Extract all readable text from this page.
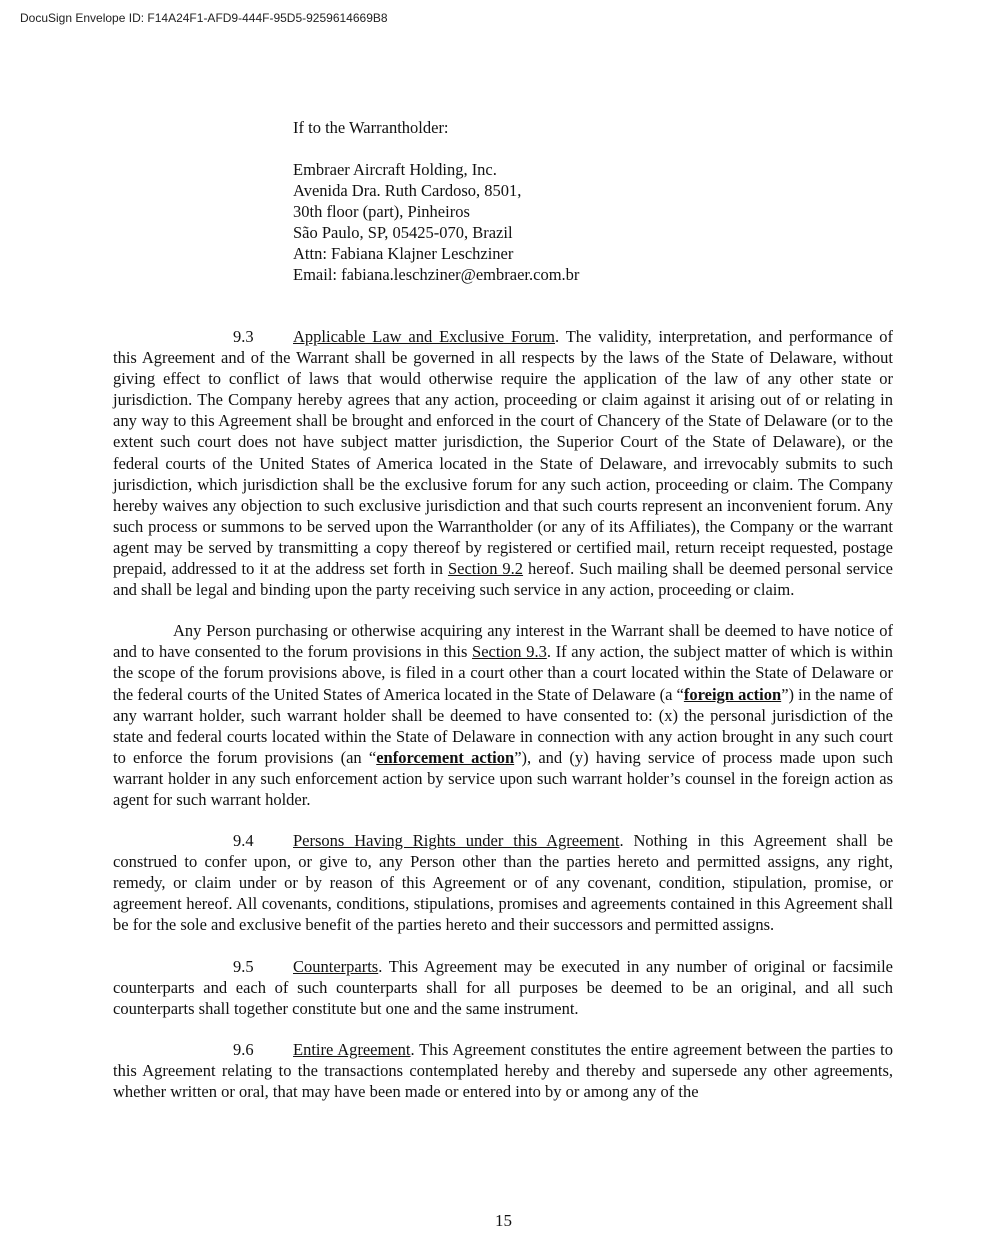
DocuSign Envelope ID: F14A24F1-AFD9-444F-95D5-9259614669B8
If to the Warrantholder:
Embraer Aircraft Holding, Inc.
Avenida Dra. Ruth Cardoso, 8501,
30th floor (part), Pinheiros
São Paulo, SP, 05425-070, Brazil
Attn: Fabiana Klajner Leschziner
Email: fabiana.leschziner@embraer.com.br

9.3 Applicable Law and Exclusive Forum. The validity, interpretation, and performance of this Agreement and of the Warrant shall be governed in all respects by the laws of the State of Delaware, without giving effect to conflict of laws that would otherwise require the application of the law of any other state or jurisdiction. The Company hereby agrees that any action, proceeding or claim against it arising out of or relating in any way to this Agreement shall be brought and enforced in the court of Chancery of the State of Delaware (or to the extent such court does not have subject matter jurisdiction, the Superior Court of the State of Delaware), or the federal courts of the United States of America located in the State of Delaware, and irrevocably submits to such jurisdiction, which jurisdiction shall be the exclusive forum for any such action, proceeding or claim. The Company hereby waives any objection to such exclusive jurisdiction and that such courts represent an inconvenient forum. Any such process or summons to be served upon the Warrantholder (or any of its Affiliates), the Company or the warrant agent may be served by transmitting a copy thereof by registered or certified mail, return receipt requested, postage prepaid, addressed to it at the address set forth in Section 9.2 hereof. Such mailing shall be deemed personal service and shall be legal and binding upon the party receiving such service in any action, proceeding or claim.

Any Person purchasing or otherwise acquiring any interest in the Warrant shall be deemed to have notice of and to have consented to the forum provisions in this Section 9.3. If any action, the subject matter of which is within the scope of the forum provisions above, is filed in a court other than a court located within the State of Delaware or the federal courts of the United States of America located in the State of Delaware (a “foreign action”) in the name of any warrant holder, such warrant holder shall be deemed to have consented to: (x) the personal jurisdiction of the state and federal courts located within the State of Delaware in connection with any action brought in any such court to enforce the forum provisions (an “enforcement action”), and (y) having service of process made upon such warrant holder in any such enforcement action by service upon such warrant holder’s counsel in the foreign action as agent for such warrant holder.

9.4 Persons Having Rights under this Agreement. Nothing in this Agreement shall be construed to confer upon, or give to, any Person other than the parties hereto and permitted assigns, any right, remedy, or claim under or by reason of this Agreement or of any covenant, condition, stipulation, promise, or agreement hereof. All covenants, conditions, stipulations, promises and agreements contained in this Agreement shall be for the sole and exclusive benefit of the parties hereto and their successors and permitted assigns.

9.5 Counterparts. This Agreement may be executed in any number of original or facsimile counterparts and each of such counterparts shall for all purposes be deemed to be an original, and all such counterparts shall together constitute but one and the same instrument.

9.6 Entire Agreement. This Agreement constitutes the entire agreement between the parties to this Agreement relating to the transactions contemplated hereby and thereby and supersede any other agreements, whether written or oral, that may have been made or entered into by or among any of the

15
